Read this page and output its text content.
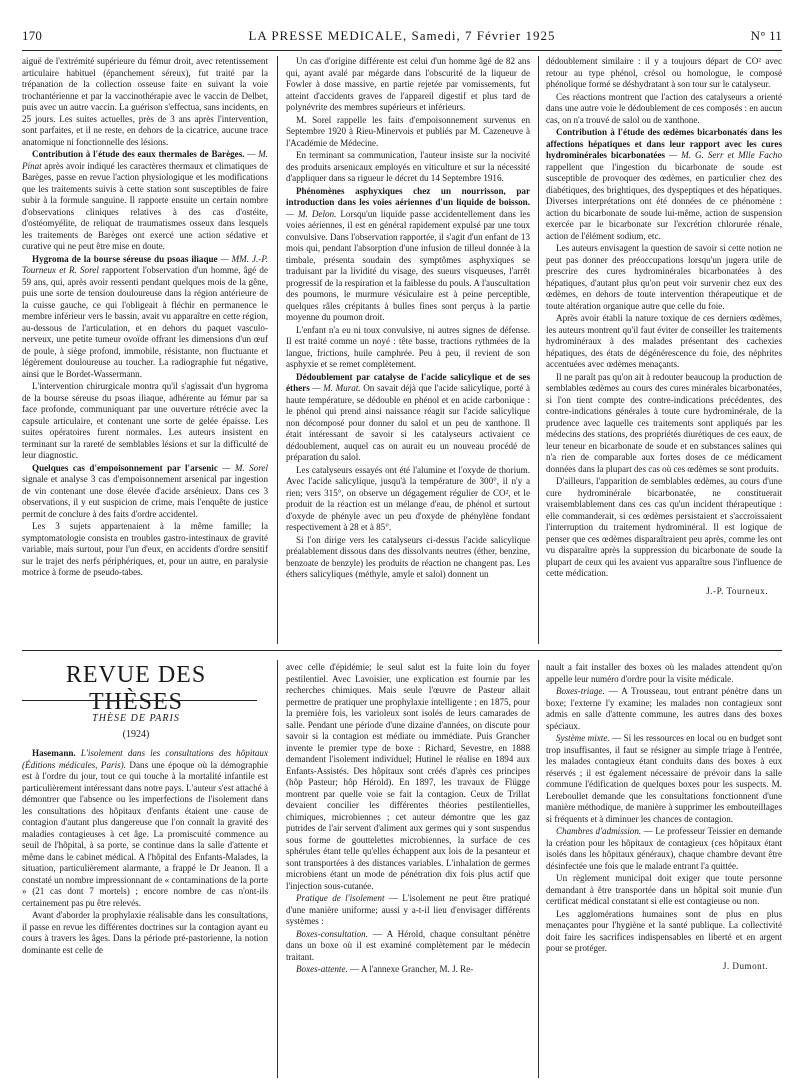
170	LA PRESSE MEDICALE, Samedi, 7 Février 1925	N° 11

aiguë de l'extrémité supérieure du fémur droit, avec retentissement articulaire habituel (épanchement séreux), fut traité par la trépanation de la collection osseuse faite en suivant la voie trochantérienne et par la vaccinothérapie avec le vaccin de Delbet, puis avec un autre vaccin. La guérison s'effectua, sans incidents, en 25 jours. Les suites actuelles, près de 3 ans après l'intervention, sont parfaites, et il ne reste, en dehors de la cicatrice, aucune trace anatomique ni fonctionnelle des lésions.

Contribution à l'étude des eaux thermales de Barèges. — M. Pinat après avoir indiqué les caractères thermaux et climatiques de Barèges, passe en revue l'action physiologique et les modifications que les traitements suivis à cette station sont susceptibles de faire subir à la formule sanguine. Il rapporte ensuite un certain nombre d'observations cliniques relatives à des cas d'ostéite, d'ostéomyélite, de reliquat de traumatismes osseux dans lesquels les traitements de Barèges ont exercé une action sédative et curative qui ne peut être mise en doute.

Hygroma de la bourse séreuse du psoas iliaque — MM. J.-P. Tourneux et R. Sorel rapportent l'observation d'un homme, âgé de 59 ans, qui, après avoir ressenti pendant quelques mois de la gêne, puis une sorte de tension douloureuse dans la région antérieure de la cuisse gauche, ce qui l'obligeait à fléchir en permanence le membre inférieur vers le bassin, avait vu apparaître en cette région, au-dessous de l'articulation, et en dehors du paquet vasculo-nerveux, une petite tumeur ovoïde offrant les dimensions d'un œuf de poule, à siège profond, immobile, résistante, non fluctuante et légèrement douloureuse au toucher. La radiographie fut négative, ainsi que le Bordet-Wassermann.

L'intervention chirurgicale montra qu'il s'agissait d'un hygroma de la bourse séreuse du psoas iliaque, adhérente au fémur par sa face profonde, communiquant par une ouverture rétrécie avec la capsule articulaire, et contenant une sorte de gelée épaisse. Les suites opératoires furent normales. Les auteurs insistent en terminant sur la rareté de semblables lésions et sur la difficulté de leur diagnostic.

Quelques cas d'empoisonnement par l'arsenic — M. Sorel signale et analyse 3 cas d'empoisonnement arsenical par ingestion de vin contenant une dose élevée d'acide arsénieux. Dans ces 3 observations, il y eut suspicion de crime, mais l'enquête de justice permit de conclure à des faits d'ordre accidentel.

Les 3 sujets appartenaient à la même famille; la symptomatologie consista en troubles gastro-intestinaux de gravité variable, mais surtout, pour l'un d'eux, en accidents d'ordre sensitif sur le trajet des nerfs périphériques, et, pour un autre, en paralysie motrice à forme de pseudo-tabes.

Un cas d'origine différente est celui d'un homme âgé de 82 ans qui, ayant avalé par mégarde dans l'obscurité de la liqueur de Fowler à dose massive, en partie rejetée par vomissements, fut atteint d'accidents graves de l'appareil digestif et plus tard de polynévrite des membres supérieurs et inférieurs.

M. Sorel rappelle les faits d'empoisonnement survenus en Septembre 1920 à Rieu-Minervois et publiés par M. Cazeneuve à l'Académie de Médecine.

En terminant sa communication, l'auteur insiste sur la nocivité des produits arsenicaux employés en viticulture et sur la nécessité d'appliquer dans sa rigueur le décret du 14 Septembre 1916.

Phénomènes asphyxiques chez un nourrisson, par introduction dans les voies aériennes d'un liquide de boisson. — M. Delon. Lorsqu'un liquide passe accidentellement dans les voies aériennes, il est en général rapidement expulsé par une toux convulsive. Dans l'observation rapportée, il s'agit d'un enfant de 13 mois qui, pendant l'absorption d'une infusion de tilleul donnée à la timbale, présenta soudain des symptômes asphyxiques se traduisant par la lividité du visage, des sueurs visqueuses, l'arrêt progressif de la respiration et la faiblesse du pouls. A l'auscultation des poumons, le murmure vésiculaire est à peine perceptible, quelques râles crépitants à bulles fines sont perçus à la partie moyenne du poumon droit.

L'enfant n'a eu ni toux convulsive, ni autres signes de défense. Il est traité comme un noyé : tête basse, tractions rythmées de la langue, frictions, huile camphrée. Peu à peu, il revient de son asphyxie et se remet complètement.

Dédoublement par catalyse de l'acide salicylique et de ses éthers — M. Murat. On savait déjà que l'acide salicylique, porté à haute température, se dédouble en phénol et en acide carbonique : le phénol qui prend ainsi naissance réagit sur l'acide salicylique non décomposé pour donner du salol et un peu de xanthone. Il était intéressant de savoir si les catalyseurs activaient ce dédoublement, auquel cas on aurait eu un nouveau procédé de préparation du salol.

Les catalyseurs essayés ont été l'alumine et l'oxyde de thorium. Avec l'acide salicylique, jusqu'à la température de 300°, il n'y a rien; vers 315°, on observe un dégagement régulier de CO², et le produit de la réaction est un mélange d'eau, de phénol et surtout d'oxyde de phényle avec un peu d'oxyde de phénylène fondant respectivement à 28 et à 85°.

Si l'on dirige vers les catalyseurs ci-dessus l'acide salicylique préalablement dissous dans des dissolvants neutres (éther, benzine, benzoate de benzyle) les produits de réaction ne changent pas. Les éthers salicyliques (méthyle, amyle et salol) donnent un

dédoublement similaire : il y a toujours départ de CO² avec retour au type phénol, crésol ou homologue, le composé phénolique formé se déshydratant à son tour sur le catalyseur.

Ces réactions montrent que l'action des catalyseurs a orienté dans une autre voie le dédoublement de ces composés : en aucun cas, on n'a trouvé de salol ou de xanthone.

Contribution à l'étude des œdèmes bicarbonatés dans les affections hépatiques et dans leur rapport avec les cures hydrominérales bicarbonatées — M. G. Serr et Mlle Facho rappellent que l'ingestion du bicarbonate de soude est susceptible de provoquer des œdèmes, en particulier chez des diabétiques, des brightiques, des dyspeptiques et des hépatiques. Diverses interprétations ont été données de ce phénomène : action du bicarbonate de soude lui-même, action de suspension exercée par le bicarbonate sur l'excrétion chlorurée rénale, action de l'élément sodium, etc.

Les auteurs envisagent la question de savoir si cette notion ne peut pas donner des préoccupations lorsqu'un jugera utile de prescrire des cures hydrominérales bicarbonatées à des hépatiques, d'autant plus qu'on peut voir survenir chez eux des œdèmes, en dehors de toute intervention thérapeutique et de toute altération organique autre que celle du foie.

Après avoir établi la nature toxique de ces derniers œdèmes, les auteurs montrent qu'il faut éviter de conseiller les traitements hydrominéraux à des malades présentant des cachexies hépatiques, des états de dégénérescence du foie, des néphrites accentuées avec œdèmes menaçants.

Il ne paraît pas qu'on ait à redouter beaucoup la production de semblables œdèmes au cours des cures minérales bicarbonatées, si l'on tient compte des contre-indications précédentes, des contre-indications générales à toute cure hydrominérale, de la prudence avec laquelle ces traitements sont appliqués par les médecins des stations, des propriétés diurétiques de ces eaux, de leur teneur en bicarbonate de soude et en substances salines qui n'a rien de comparable aux fortes doses de ce médicament données dans la plupart des cas où ces œdèmes se sont produits.

D'ailleurs, l'apparition de semblables œdèmes, au cours d'une cure hydrominérale bicarbonatée, ne constituerait vraisemblablement dans ces cas qu'un incident thérapeutique : elle commanderait, si ces œdèmes persistaient et s'accroissaient l'interruption du traitement hydrominéral. Il est logique de penser que ces œdèmes disparaîtraient peu après, comme les ont vu disparaître après la suppression du bicarbonate de soude la plupart de ceux qui les avaient vus apparaître sous l'influence de cette médication.

J.-P. Tourneux.

REVUE DES THÈSES
THÈSE DE PARIS
(1924)

Hasemann. L'isolement dans les consultations des hôpitaux (Éditions médicales, Paris). Dans une époque où la démographie est à l'ordre du jour, tout ce qui touche à la mortalité infantile est particulièrement intéressant dans notre pays. L'auteur s'est attaché à démontrer que l'absence ou les imperfections de l'isolement dans les consultations des hôpitaux d'enfants étaient une cause de contagion d'autant plus dangereuse que l'on connaît la gravité des maladies contagieuses à cet âge. La promiscuité commence au seuil de l'hôpital, à sa porte, se continue dans la salle d'attente et même dans le cabinet médical. A l'hôpital des Enfants-Malades, la situation, particulièrement alarmante, a frappé le Dr Jeanon. Il a constaté un nombre impressionnant de « contaminations de la porte » (21 cas dont 7 mortels) ; encore nombre de cas n'ont-ils certainement pas pu être relevés.

Avant d'aborder la prophylaxie réalisable dans les consultations, il passe en revue les différentes doctrines sur la contagion ayant eu cours à travers les âges. Dans la période pré-pastorienne, la notion dominante est celle de

avec celle d'épidémie; le seul salut est la fuite loin du foyer pestilentiel. Avec Lavoisier, une explication est fournie par les recherches chimiques. Mais seule l'œuvre de Pasteur allait permettre de pratiquer une prophylaxie intelligente ; en 1875, pour la première fois, les varioleux sont isolés de leurs camarades de salle. Pendant une période d'une dizaine d'années, on discute pour savoir si la contagion est médiate ou immédiate. Puis Grancher invente le premier type de boxe : Richard, Sevestre, en 1888 demandent l'isolement individuel; Hutinel le réalise en 1894 aux Enfants-Assistés. Des hôpitaux sont créés d'après ces principes (hôp Pasteur; hôp Hérold). En 1897, les travaux de Flügge montrent par quelle voie se fait la contagion. Ceux de Trillat devaient concilier les différentes théories pestilentielles, chimiques, microbiennes ; cet auteur démontre que les gaz putrides de l'air servent d'aliment aux germes qui y sont suspendus sous forme de gouttelettes microbiennes, la surface de ces sphérules étant telle qu'elles échappent aux lois de la pesanteur et sont transportées à des distances variables. L'inhalation de germes microbiens étant un mode de pénétration dix fois plus actif que l'injection sous-cutanée.

Pratique de l'isolement — L'isolement ne peut être pratiqué d'une manière uniforme; aussi y a-t-il lieu d'envisager différents systèmes :

Boxes-consultation. — A Hérold, chaque consultant pénètre dans un boxe où il est examiné complètement par le médecin traitant.

Boxes-attente. — A l'annexe Grancher, M. J. Re-

nault a fait installer des boxes où les malades attendent qu'on appelle leur numéro d'ordre pour la visite médicale.

Boxes-triage. — A Trousseau, tout entrant pénètre dans un boxe; l'externe l'y examine; les malades non contagieux sont admis en salle d'attente commune, les autres dans des boxes spéciaux.

Système mixte. — Si les ressources en local ou en budget sont trop insuffisantes, il faut se résigner au simple triage à l'entrée, les malades contagieux étant conduits dans des boxes à eux réservés ; il est également nécessaire de prévoir dans la salle commune l'édification de quelques boxes pour les suspects. M. Lereboullet demande que les consultations fonctionnent d'une manière méthodique, de manière à supprimer les embouteillages si fréquents et à diminuer les chances de contagion.

Chambres d'admission. — Le professeur Teissier en demande la création pour les hôpitaux de contagieux (ces hôpitaux étant isolés dans les hôpitaux généraux), chaque chambre devant être désinfectée une fois que le malade entrant l'a quittée.

Un règlement municipal doit exiger que toute personne demandant à être transportée dans un hôpital soit munie d'un certificat médical constatant si elle est contagieuse ou non.

Les agglomérations humaines sont de plus en plus menaçantes pour l'hygiène et la santé publique. La collectivité doit faire les sacrifices indispensables en liberté et en argent pour se protéger.

J. Dumont.
